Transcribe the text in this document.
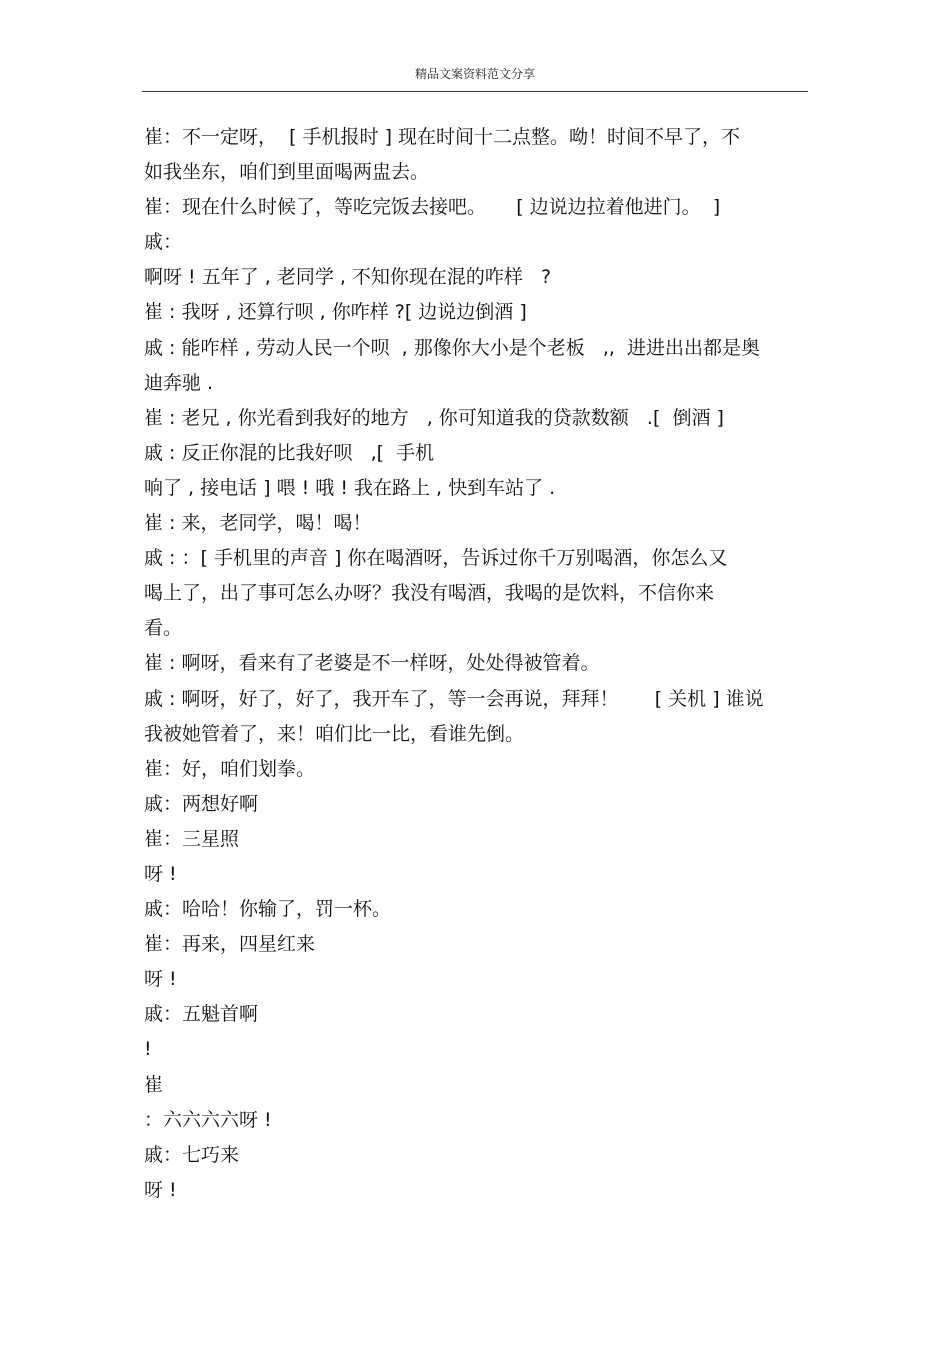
精品文案资料范文分享

崔：不一定呀，  [ 手机报时 ] 现在时间十二点整。呦！时间不早了，不

如我坐东，咱们到里面喝两盅去。

崔：现在什么时候了，等吃完饭去接吧。     [ 边说边拉着他进门。  ]

戚：

啊呀 ! 五年了 , 老同学 , 不知你现在混的咋样   ?

崔 : 我呀 , 还算行呗 , 你咋样 ?[ 边说边倒酒 ]

戚 : 能咋样 , 劳动人民一个呗  , 那像你大小是个老板   ,,  进进出出都是奥

迪奔驰 .

崔 : 老兄 , 你光看到我好的地方   , 你可知道我的贷款数额   .[  倒酒 ]

戚 : 反正你混的比我好呗   ,[  手机

响了 , 接电话 ] 喂 ! 哦 ! 我在路上 , 快到车站了 .

崔 : 来，老同学，喝！喝！

戚 : ：[ 手机里的声音 ] 你在喝酒呀，告诉过你千万别喝酒，你怎么又

喝上了，出了事可怎么办呀？我没有喝酒，我喝的是饮料，不信你来

看。

崔 : 啊呀，看来有了老婆是不一样呀，处处得被管着。

戚 : 啊呀，好了，好了，我开车了，等一会再说，拜拜！      [ 关机 ] 谁说

我被她管着了，来！咱们比一比，看谁先倒。

崔：好，咱们划拳。

戚：两想好啊

崔：三星照

呀 !

戚：哈哈！你输了，罚一杯。

崔：再来，四星红来

呀 !

戚：五魁首啊

!

崔

：六六六六呀 !

戚：七巧来

呀 !
